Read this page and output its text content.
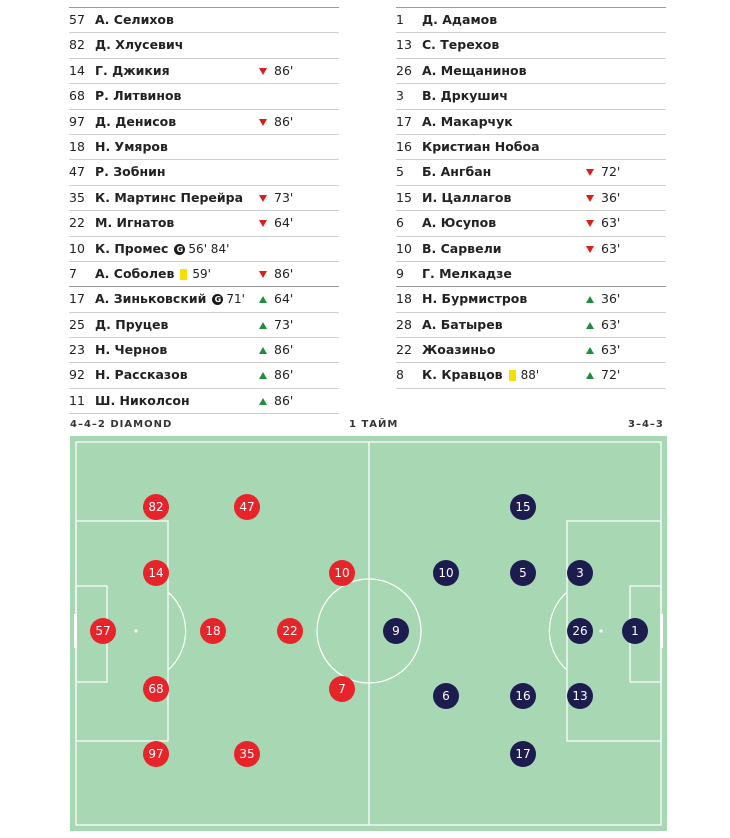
57 А. Селихов
82 Д. Хлусевич
14 Г. Джикия	86'
68 Р. Литвинов
97 Д. Денисов	86'
18 Н. Умяров
47 Р. Зобнин
35 К. Мартинс Перейра	73'
22 М. Игнатов	64'
10 К. Промес G 56' 84'
7	А. Соболев 59'	86'
17 А. Зиньковский G 71'	64'
25 Д. Пруцев	73'
23 Н. Чернов	86'
92 Н. Рассказов	86'
11 Ш. Николсон	86'
1	Д. Адамов
13 С. Терехов
26 А. Мещанинов
3	В. Дркушич
17 А. Макарчук
16 Кристиан Нобоа
5	Б. Ангбан	72'
15 И. Цаллагов	36'
6	А. Юсупов	63'
10 В. Сарвели	63'
9	Г. Мелкадзе
18 Н. Бурмистров	36'
28 А. Батырев	63'
22 Жоазиньо	63'
8	К. Кравцов 88'	72'
4–4–2 DIAMOND	1 ТАЙМ	3–4–3
57
82
14
68
97
18
47
35
22
10
7
1
26
3
13
15
10	5
6	16
17
9
